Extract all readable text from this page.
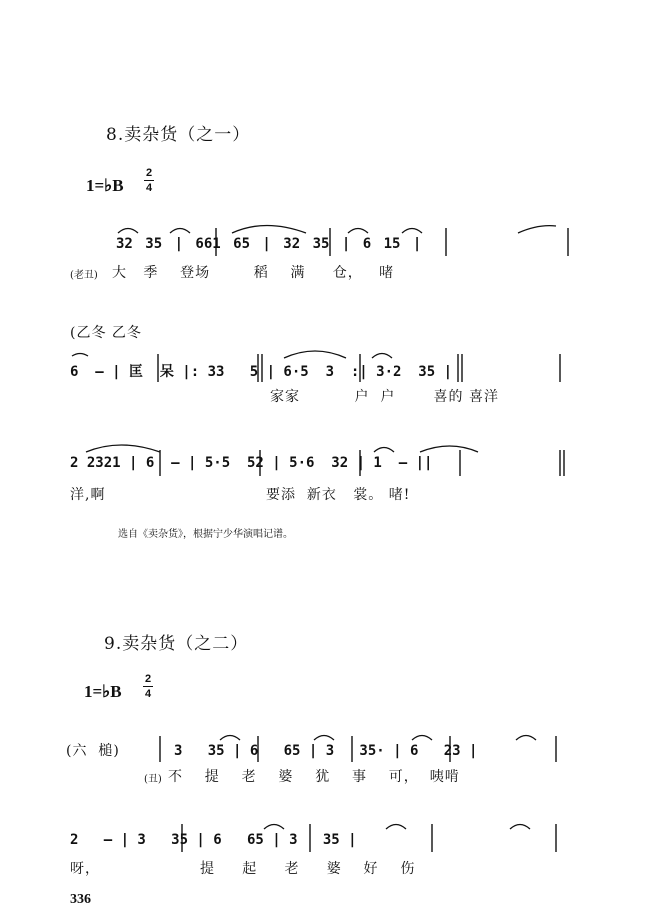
8.卖杂货（之一）
1=♭B
2
4
32 35 | 661 65 | 32 35 | 6 15 |
(老丑) 大   季    登场        稻    满     仓，   啫
(乙冬 乙冬
6  — | 匡  呆 |: 33   5 | 6·5  3  :| 3·2  35 |
家家          户  户       喜的 喜洋
2 2321 | 6  — | 5·5  52 | 5·6  32 | 1  — ||
洋,啊	要添  新衣   裳。 啫!
选自《卖杂货》，根据宁少华演唱记谱。
9.卖杂货（之二）
1=♭B
2
4
(六  槌)	3   35 | 6   65 | 3   35· | 6   23 |
(丑) 不    提    老    婆    犹    事    可，  咦啃
2   — | 3   35 | 6   65 | 3   35 |
呀，	提     起     老     婆    好    伤
336
